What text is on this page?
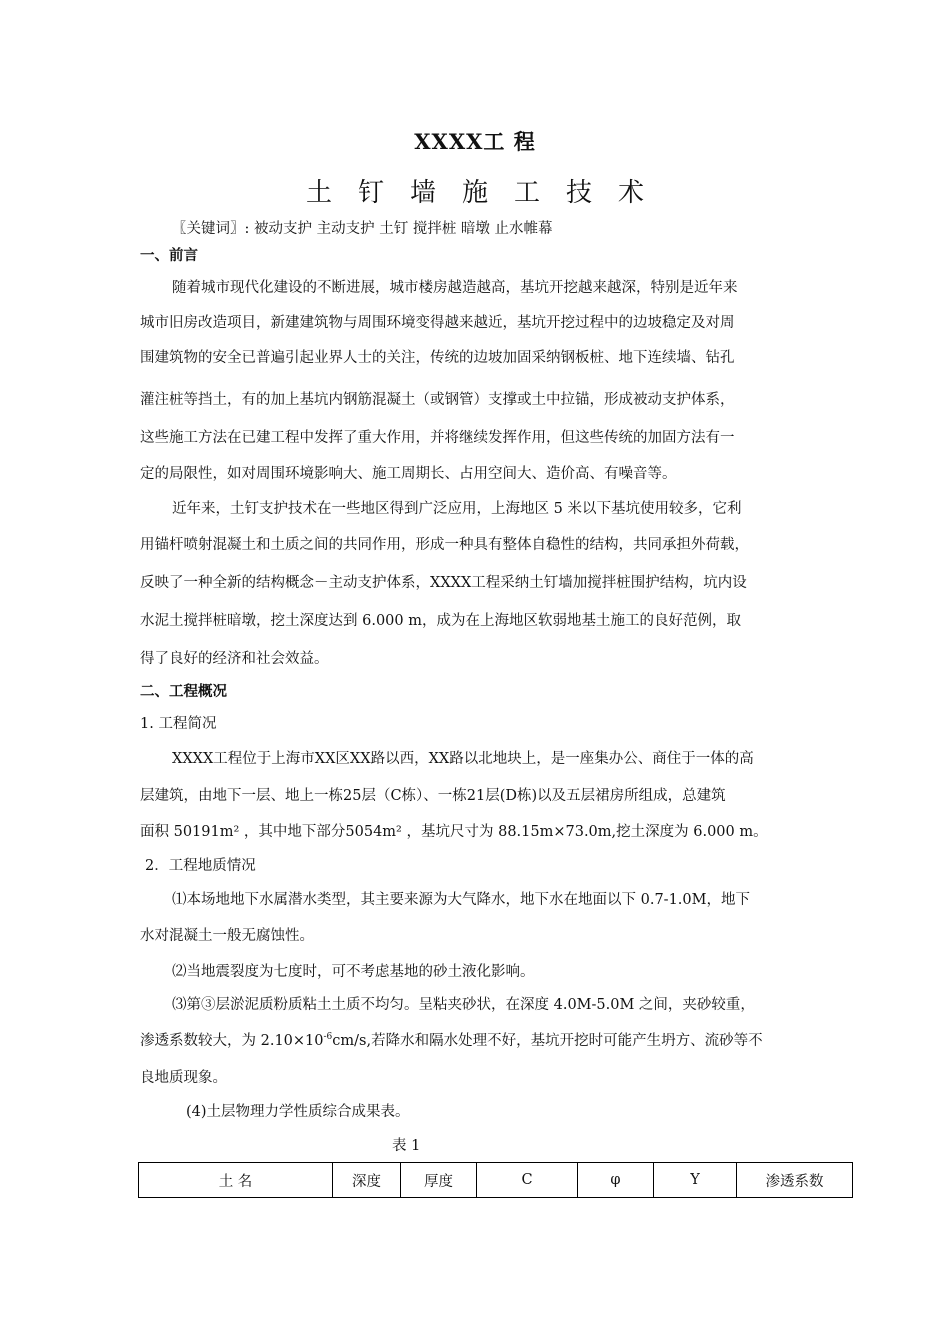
XXXX工 程
土钉墙施工技术
〖关键词〗: 被动支护 主动支护 土钉 搅拌桩 暗墩 止水帷幕
一、前言
随着城市现代化建设的不断进展，城市楼房越造越高，基坑开挖越来越深，特别是近年来
城市旧房改造项目，新建建筑物与周围环境变得越来越近，基坑开挖过程中的边坡稳定及对周
围建筑物的安全已普遍引起业界人士的关注，传统的边坡加固采纳钢板桩、地下连续墙、钻孔
灌注桩等挡土，有的加上基坑内钢筋混凝土（或钢管）支撑或土中拉锚，形成被动支护体系，
这些施工方法在已建工程中发挥了重大作用，并将继续发挥作用，但这些传统的加固方法有一
定的局限性，如对周围环境影响大、施工周期长、占用空间大、造价高、有噪音等。
近年来，土钉支护技术在一些地区得到广泛应用，上海地区 5 米以下基坑使用较多，它利
用锚杆喷射混凝土和土质之间的共同作用，形成一种具有整体自稳性的结构，共同承担外荷载，
反映了一种全新的结构概念－主动支护体系，XXXX工程采纳土钉墙加搅拌桩围护结构，坑内设
水泥土搅拌桩暗墩，挖土深度达到 6.000 m，成为在上海地区软弱地基土施工的良好范例，取
得了良好的经济和社会效益。
二、工程概况
1. 工程简况
XXXX工程位于上海市XX区XX路以西，XX路以北地块上，是一座集办公、商住于一体的高
层建筑，由地下一层、地上一栋25层（C栋）、一栋21层(D栋)以及五层裙房所组成，总建筑
面积 50191m² ，其中地下部分5054m² ，基坑尺寸为 88.15m×73.0m,挖土深度为 6.000 m。
2．工程地质情况
⑴本场地地下水属潜水类型，其主要来源为大气降水，地下水在地面以下 0.7-1.0M，地下
水对混凝土一般无腐蚀性。
⑵当地震裂度为七度时，可不考虑基地的砂土液化影响。
⑶第③层淤泥质粉质粘土土质不均匀。呈粘夹砂状，在深度 4.0M-5.0M 之间，夹砂较重，
渗透系数较大，为 $2.10\times 10^{-6}cm/s$,若降水和隔水处理不好，基坑开挖时可能产生坍方、流砂等不
良地质现象。
(4)土层物理力学性质综合成果表。
表 1
土 名	深度	厚度	C	φ	Y	渗透系数
